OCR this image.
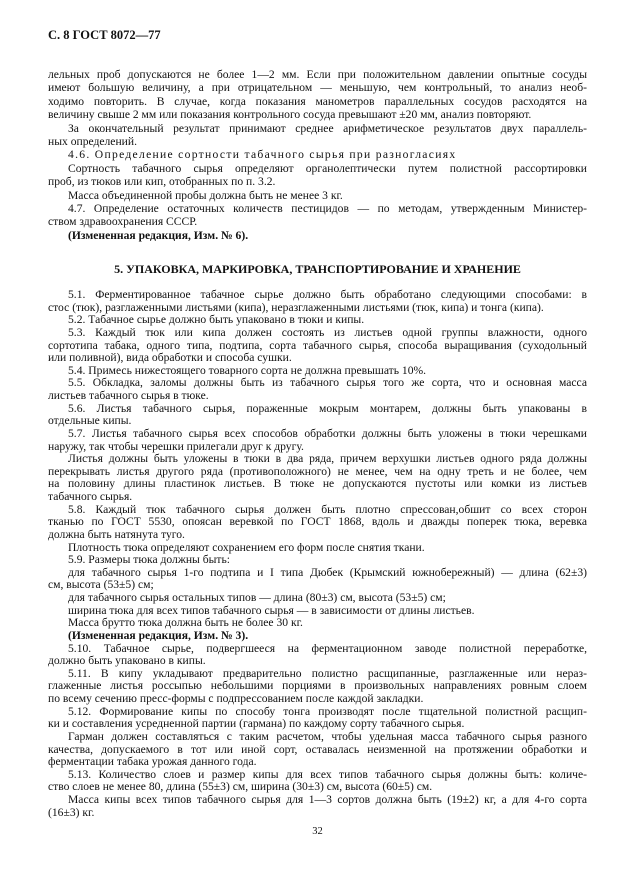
С. 8 ГОСТ 8072—77
лельных проб допускаются не более 1—2 мм. Если при положительном давлении опытные сосуды
имеют большую величину, а при отрицательном — меньшую, чем контрольный, то анализ необ-
ходимо повторить. В случае, когда показания манометров параллельных сосудов расходятся на
величину свыше 2 мм или показания контрольного сосуда превышают ±20 мм, анализ повторяют.
За окончательный результат принимают среднее арифметическое результатов двух параллель-
ных определений.
4.6. Определение сортности табачного сырья при разногласиях
Сортность табачного сырья определяют органолептически путем полистной рассортировки
проб, из тюков или кип, отобранных по п. 3.2.
Масса объединенной пробы должна быть не менее 3 кг.
4.7. Определение остаточных количеств пестицидов — по методам, утвержденным Министер-
ством здравоохранения СССР.
(Измененная редакция, Изм. № 6).
5. УПАКОВКА, МАРКИРОВКА, ТРАНСПОРТИРОВАНИЕ И ХРАНЕНИЕ
5.1. Ферментированное табачное сырье должно быть обработано следующими способами: в
стос (тюк), разглаженными листьями (кипа), неразглаженными листьями (тюк, кипа) и тонга (кипа).
5.2. Табачное сырье должно быть упаковано в тюки и кипы.
5.3. Каждый тюк или кипа должен состоять из листьев одной группы влажности, одного
сортотипа табака, одного типа, подтипа, сорта табачного сырья, способа выращивания (суходольный
или поливной), вида обработки и способа сушки.
5.4. Примесь нижестоящего товарного сорта не должна превышать 10%.
5.5. Обкладка, заломы должны быть из табачного сырья того же сорта, что и основная масса
листьев табачного сырья в тюке.
5.6. Листья табачного сырья, пораженные мокрым монтарем, должны быть упакованы в
отдельные кипы.
5.7. Листья табачного сырья всех способов обработки должны быть уложены в тюки черешками
наружу, так чтобы черешки прилегали друг к другу.
Листья должны быть уложены в тюки в два ряда, причем верхушки листьев одного ряда должны
перекрывать листья другого ряда (противоположного) не менее, чем на одну треть и не более, чем
на половину длины пластинок листьев. В тюке не допускаются пустоты или комки из листьев
табачного сырья.
5.8. Каждый тюк табачного сырья должен быть плотно спрессован,обшит со всех сторон
тканью по ГОСТ 5530, опоясан веревкой по ГОСТ 1868, вдоль и дважды поперек тюка, веревка
должна быть натянута туго.
Плотность тюка определяют сохранением его форм после снятия ткани.
5.9. Размеры тюка должны быть:
для табачного сырья 1-го подтипа и I типа Дюбек (Крымский южнобережный) — длина (62±3)
см, высота (53±5) см;
для табачного сырья остальных типов — длина (80±3) см, высота (53±5) см;
ширина тюка для всех типов табачного сырья — в зависимости от длины листьев.
Масса брутто тюка должна быть не более 30 кг.
(Измененная редакция, Изм. № 3).
5.10. Табачное сырье, подвергшееся на ферментационном заводе полистной переработке,
должно быть упаковано в кипы.
5.11. В кипу укладывают предварительно полистно расщипанные, разглаженные или нераз-
глаженные листья россыпью небольшими порциями в произвольных направлениях ровным слоем
по всему сечению пресс-формы с подпрессованием после каждой закладки.
5.12. Формирование кипы по способу тонга производят после тщательной полистной расщип-
ки и составления усредненной партии (гармана) по каждому сорту табачного сырья.
Гарман должен составляться с таким расчетом, чтобы удельная масса табачного сырья разного
качества, допускаемого в тот или иной сорт, оставалась неизменной на протяжении обработки и
ферментации табака урожая данного года.
5.13. Количество слоев и размер кипы для всех типов табачного сырья должны быть: количе-
ство слоев не менее 80, длина (55±3) см, ширина (30±3) см, высота (60±5) см.
Масса кипы всех типов табачного сырья для 1—3 сортов должна быть (19±2) кг, а для 4-го сорта
(16±3) кг.
32
